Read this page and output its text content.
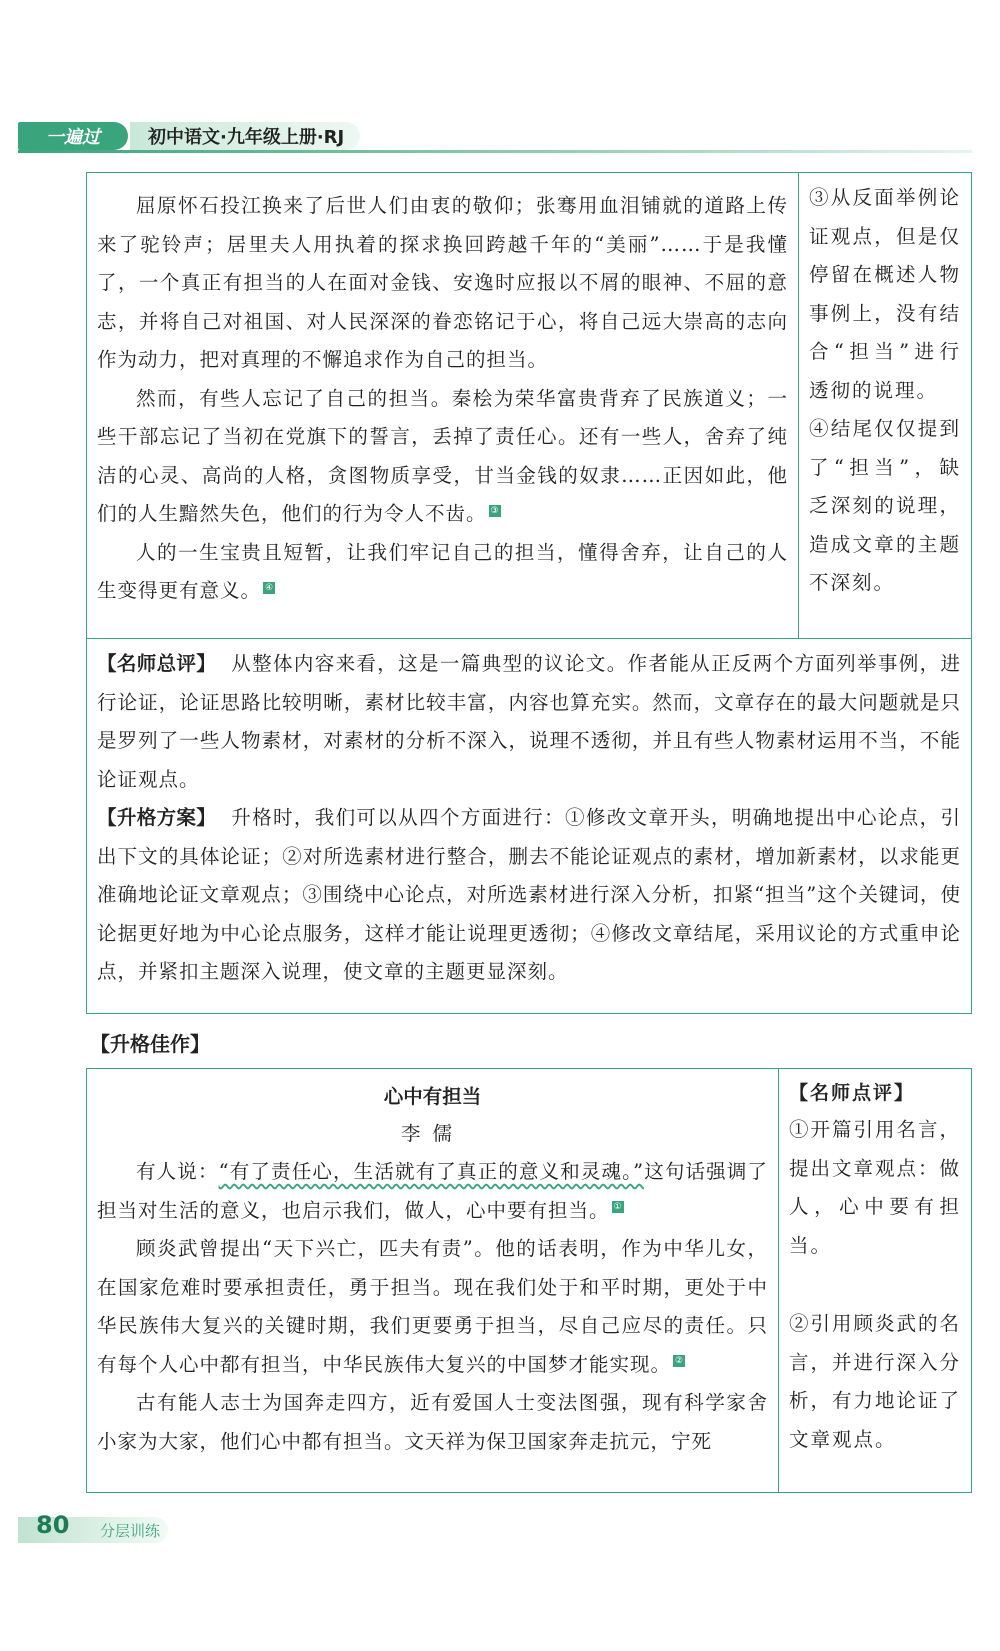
一遍过	初中语文·九年级上册·RJ

屈原怀石投江换来了后世人们由衷的敬仰；张骞用血泪铺就的道路上传来了驼铃声；居里夫人用执着的探求换回跨越千年的“美丽”……于是我懂了，一个真正有担当的人在面对金钱、安逸时应报以不屑的眼神、不屈的意志，并将自己对祖国、对人民深深的眷恋铭记于心，将自己远大崇高的志向作为动力，把对真理的不懈追求作为自己的担当。

然而，有些人忘记了自己的担当。秦桧为荣华富贵背弃了民族道义；一些干部忘记了当初在党旗下的誓言，丢掉了责任心。还有一些人，舍弃了纯洁的心灵、高尚的人格，贪图物质享受，甘当金钱的奴隶……正因如此，他们的人生黯然失色，他们的行为令人不齿。 ③

人的一生宝贵且短暂，让我们牢记自己的担当，懂得舍弃，让自己的人生变得更有意义。 ④

③从反面举例论证观点，但是仅停留在概述人物事例上，没有结合“担当”进行透彻的说理。

④结尾仅仅提到了“担当”，缺乏深刻的说理，造成文章的主题不深刻。

【名师总评】 从整体内容来看，这是一篇典型的议论文。作者能从正反两个方面列举事例，进行论证，论证思路比较明晰，素材比较丰富，内容也算充实。然而，文章存在的最大问题就是只是罗列了一些人物素材，对素材的分析不深入，说理不透彻，并且有些人物素材运用不当，不能论证观点。

【升格方案】 升格时，我们可以从四个方面进行：①修改文章开头，明确地提出中心论点，引出下文的具体论证；②对所选素材进行整合，删去不能论证观点的素材，增加新素材，以求能更准确地论证文章观点；③围绕中心论点，对所选素材进行深入分析，扣紧“担当”这个关键词，使论据更好地为中心论点服务，这样才能让说理更透彻；④修改文章结尾，采用议论的方式重申论点，并紧扣主题深入说理，使文章的主题更显深刻。

【升格佳作】

心中有担当

李儒

有人说：“有了责任心，生活就有了真正的意义和灵魂。”这句话强调了担当对生活的意义，也启示我们，做人，心中要有担当。 ①

顾炎武曾提出“天下兴亡，匹夫有责”。他的话表明，作为中华儿女，在国家危难时要承担责任，勇于担当。现在我们处于和平时期，更处于中华民族伟大复兴的关键时期，我们更要勇于担当，尽自己应尽的责任。只有每个人心中都有担当，中华民族伟大复兴的中国梦才能实现。 ②

古有能人志士为国奔走四方，近有爱国人士变法图强，现有科学家舍小家为大家，他们心中都有担当。文天祥为保卫国家奔走抗元，宁死

【名师点评】

①开篇引用名言，提出文章观点：做人，心中要有担当。

②引用顾炎武的名言，并进行深入分析，有力地论证了文章观点。

80 分层训练
